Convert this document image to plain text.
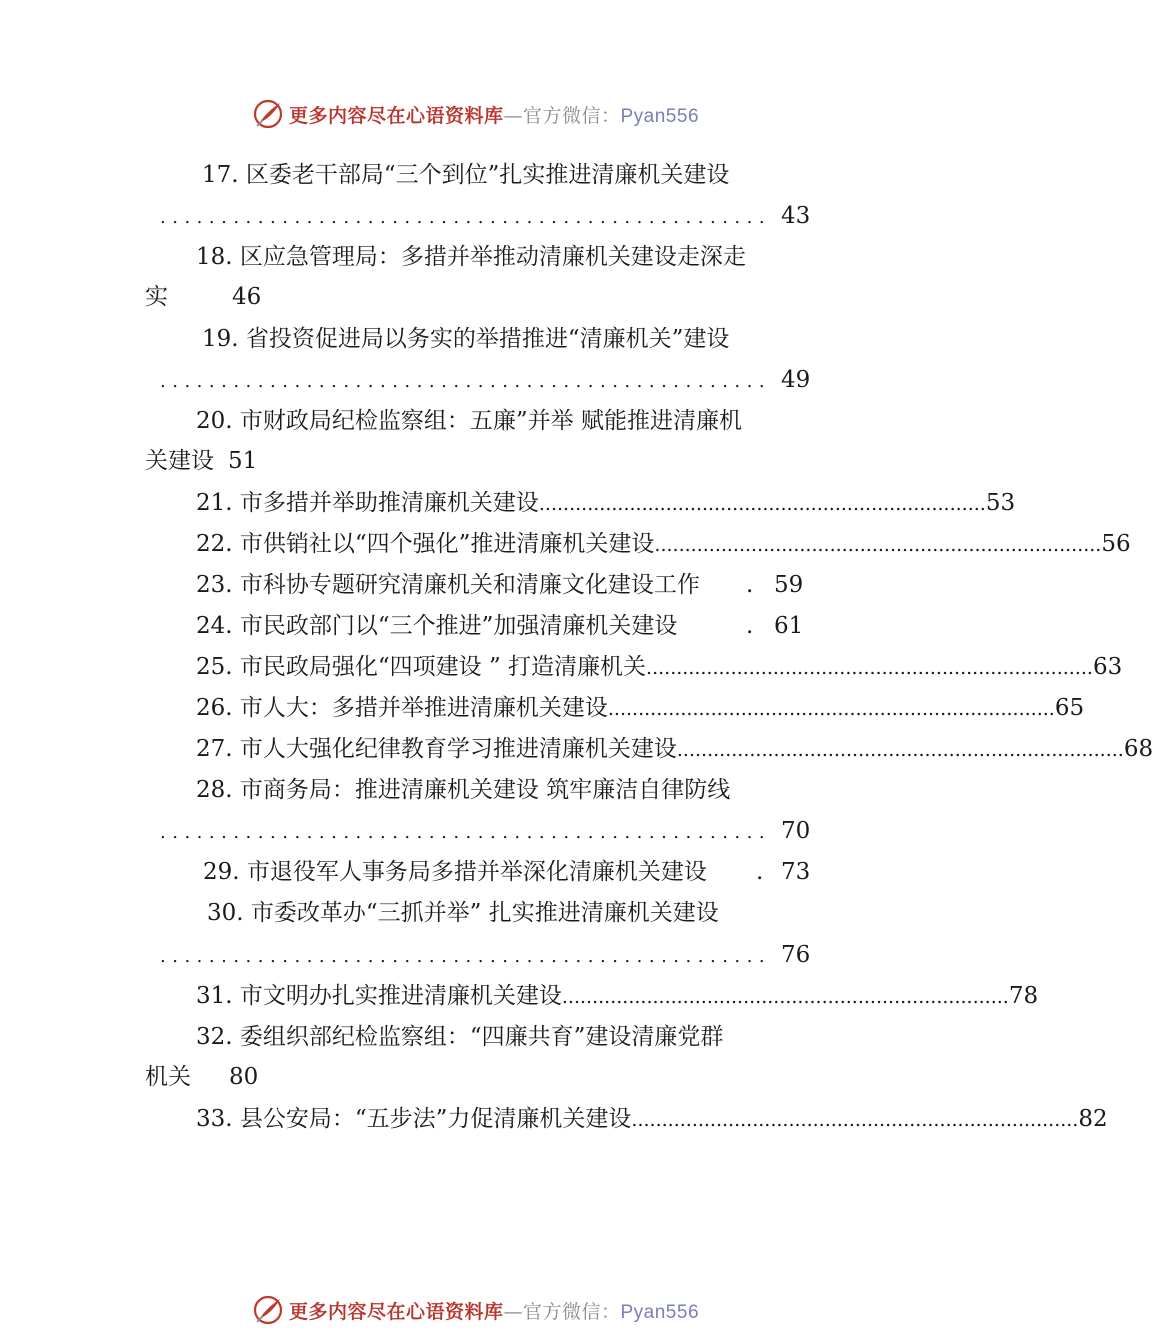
更多内容尽在心语资料库—官方微信：Pyan556
17. 区委老干部局“三个到位”扎实推进清廉机关建设
.................................................. 43
18. 区应急管理局：多措并举推动清廉机关建设走深走
实	46
19. 省投资促进局以务实的举措推进“清廉机关”建设
.................................................. 49
20. 市财政局纪检监察组：五廉”并举 赋能推进清廉机
关建设 51
21. 市多措并举助推清廉机关建设 .......................................................................... 53
22. 市供销社以“四个强化”推进清廉机关建设 .......................................................................... 56
23. 市科协专题研究清廉机关和清廉文化建设工作 . 59
24. 市民政部门以“三个推进”加强清廉机关建设	. 61
25. 市民政局强化“四项建设 ” 打造清廉机关 .......................................................................... 63
26. 市人大：多措并举推进清廉机关建设 .......................................................................... 65
27. 市人大强化纪律教育学习推进清廉机关建设 .......................................................................... 68
28. 市商务局：推进清廉机关建设 筑牢廉洁自律防线
.................................................. 70
29. 市退役军人事务局多措并举深化清廉机关建设 . 73
30. 市委改革办“三抓并举” 扎实推进清廉机关建设
.................................................. 76
31. 市文明办扎实推进清廉机关建设 .......................................................................... 78
32. 委组织部纪检监察组：“四廉共育”建设清廉党群
机关 80
33. 县公安局：“五步法”力促清廉机关建设 .......................................................................... 82
更多内容尽在心语资料库—官方微信：Pyan556
